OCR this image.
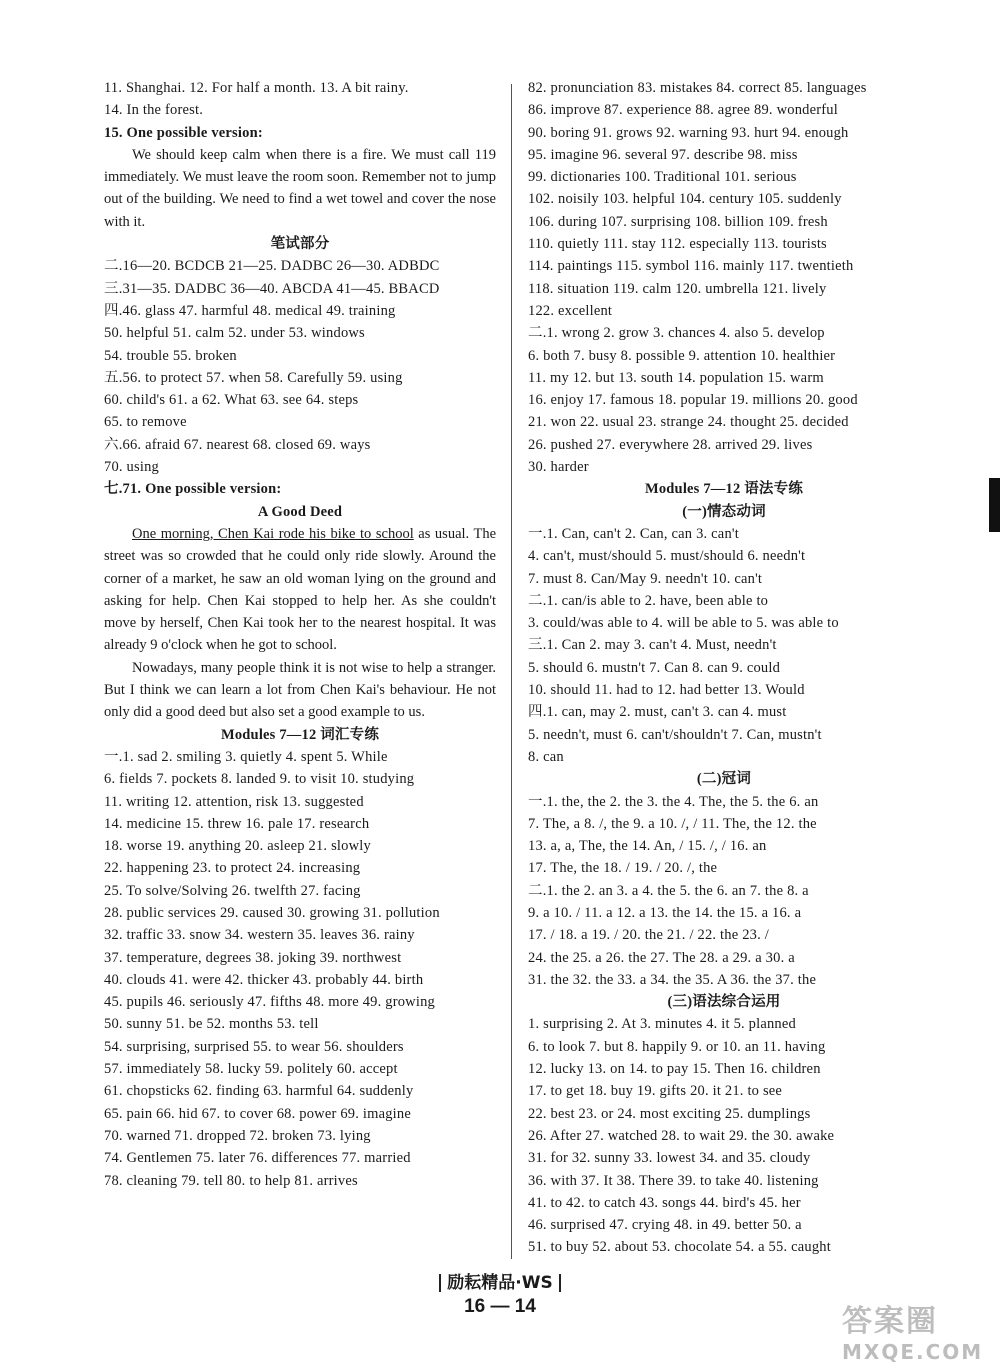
11. Shanghai. 12. For half a month. 13. A bit rainy.
14. In the forest.
15. One possible version:

We should keep calm when there is a fire. We must call 119 immediately. We must leave the room soon. Remember not to jump out of the building. We need to find a wet towel and cover the nose with it.

笔试部分
二.16—20. BCDCB 21—25. DADBC 26—30. ADBDC
三.31—35. DADBC 36—40. ABCDA 41—45. BBACD
四.46. glass 47. harmful 48. medical 49. training
50. helpful 51. calm 52. under 53. windows
54. trouble 55. broken
五.56. to protect 57. when 58. Carefully 59. using
60. child's 61. a 62. What 63. see 64. steps
65. to remove
六.66. afraid 67. nearest 68. closed 69. ways
70. using
七.71. One possible version:
A Good Deed

One morning, Chen Kai rode his bike to school as usual. The street was so crowded that he could only ride slowly. Around the corner of a market, he saw an old woman lying on the ground and asking for help. Chen Kai stopped to help her. As she couldn't move by herself, Chen Kai took her to the nearest hospital. It was already 9 o'clock when he got to school.

Nowadays, many people think it is not wise to help a stranger. But I think we can learn a lot from Chen Kai's behaviour. He not only did a good deed but also set a good example to us.

Modules 7—12 词汇专练
一.1. sad 2. smiling 3. quietly 4. spent 5. While
6. fields 7. pockets 8. landed 9. to visit 10. studying
11. writing 12. attention, risk 13. suggested
14. medicine 15. threw 16. pale 17. research
18. worse 19. anything 20. asleep 21. slowly
22. happening 23. to protect 24. increasing
25. To solve/Solving 26. twelfth 27. facing
28. public services 29. caused 30. growing 31. pollution
32. traffic 33. snow 34. western 35. leaves 36. rainy
37. temperature, degrees 38. joking 39. northwest
40. clouds 41. were 42. thicker 43. probably 44. birth
45. pupils 46. seriously 47. fifths 48. more 49. growing
50. sunny 51. be 52. months 53. tell
54. surprising, surprised 55. to wear 56. shoulders
57. immediately 58. lucky 59. politely 60. accept
61. chopsticks 62. finding 63. harmful 64. suddenly
65. pain 66. hid 67. to cover 68. power 69. imagine
70. warned 71. dropped 72. broken 73. lying
74. Gentlemen 75. later 76. differences 77. married
78. cleaning 79. tell 80. to help 81. arrives
82. pronunciation 83. mistakes 84. correct 85. languages
86. improve 87. experience 88. agree 89. wonderful
90. boring 91. grows 92. warning 93. hurt 94. enough
95. imagine 96. several 97. describe 98. miss
99. dictionaries 100. Traditional 101. serious
102. noisily 103. helpful 104. century 105. suddenly
106. during 107. surprising 108. billion 109. fresh
110. quietly 111. stay 112. especially 113. tourists
114. paintings 115. symbol 116. mainly 117. twentieth
118. situation 119. calm 120. umbrella 121. lively
122. excellent
二.1. wrong 2. grow 3. chances 4. also 5. develop
6. both 7. busy 8. possible 9. attention 10. healthier
11. my 12. but 13. south 14. population 15. warm
16. enjoy 17. famous 18. popular 19. millions 20. good
21. won 22. usual 23. strange 24. thought 25. decided
26. pushed 27. everywhere 28. arrived 29. lives
30. harder
Modules 7—12 语法专练
(一)情态动词
一.1. Can, can't 2. Can, can 3. can't
4. can't, must/should 5. must/should 6. needn't
7. must 8. Can/May 9. needn't 10. can't
二.1. can/is able to 2. have, been able to
3. could/was able to 4. will be able to 5. was able to
三.1. Can 2. may 3. can't 4. Must, needn't
5. should 6. mustn't 7. Can 8. can 9. could
10. should 11. had to 12. had better 13. Would
四.1. can, may 2. must, can't 3. can 4. must
5. needn't, must 6. can't/shouldn't 7. Can, mustn't
8. can
(二)冠词
一.1. the, the 2. the 3. the 4. The, the 5. the 6. an
7. The, a 8. /, the 9. a 10. /, / 11. The, the 12. the
13. a, a, The, the 14. An, / 15. /, / 16. an
17. The, the 18. / 19. / 20. /, the
二.1. the 2. an 3. a 4. the 5. the 6. an 7. the 8. a
9. a 10. / 11. a 12. a 13. the 14. the 15. a 16. a
17. / 18. a 19. / 20. the 21. / 22. the 23. /
24. the 25. a 26. the 27. The 28. a 29. a 30. a
31. the 32. the 33. a 34. the 35. A 36. the 37. the
(三)语法综合运用
1. surprising 2. At 3. minutes 4. it 5. planned
6. to look 7. but 8. happily 9. or 10. an 11. having
12. lucky 13. on 14. to pay 15. Then 16. children
17. to get 18. buy 19. gifts 20. it 21. to see
22. best 23. or 24. most exciting 25. dumplings
26. After 27. watched 28. to wait 29. the 30. awake
31. for 32. sunny 33. lowest 34. and 35. cloudy
36. with 37. It 38. There 39. to take 40. listening
41. to 42. to catch 43. songs 44. bird's 45. her
46. surprised 47. crying 48. in 49. better 50. a
51. to buy 52. about 53. chocolate 54. a 55. caught
励耘精品·WS
16 — 14	答案圈
MXQE.COM
